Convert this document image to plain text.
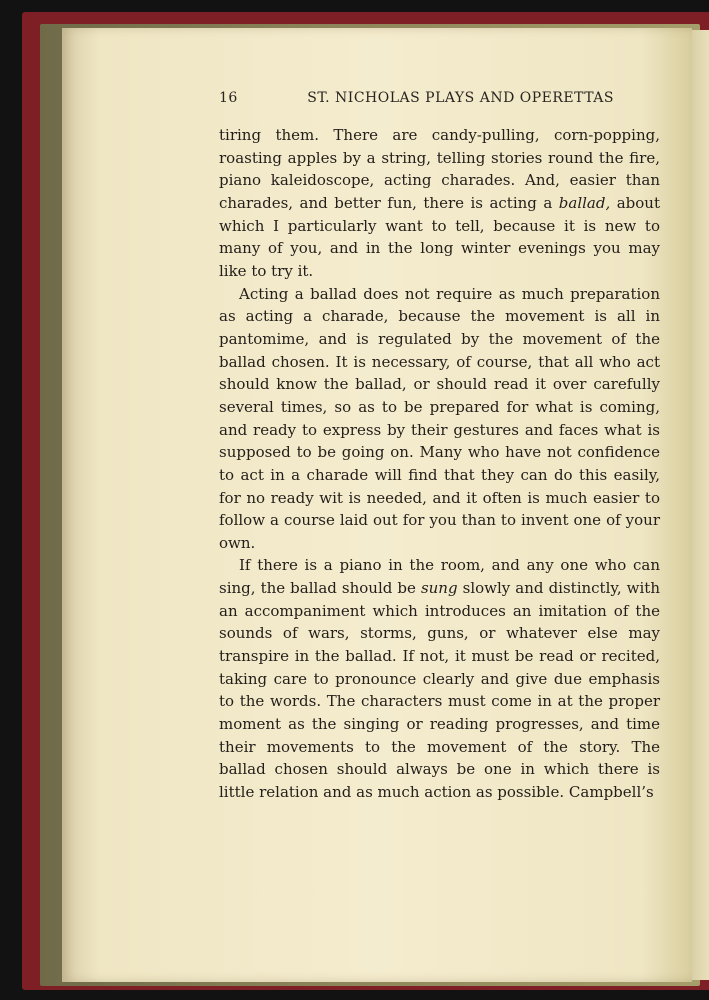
16	ST. NICHOLAS PLAYS AND OPERETTAS

tiring them. There are candy-pulling, corn-popping, roasting apples by a string, telling stories round the fire, piano kaleidoscope, acting charades. And, easier than charades, and better fun, there is acting a ballad, about which I particularly want to tell, because it is new to many of you, and in the long winter evenings you may like to try it.

Acting a ballad does not require as much preparation as acting a charade, because the movement is all in pantomime, and is regulated by the movement of the ballad chosen. It is necessary, of course, that all who act should know the ballad, or should read it over carefully several times, so as to be prepared for what is coming, and ready to express by their gestures and faces what is supposed to be going on. Many who have not confidence to act in a charade will find that they can do this easily, for no ready wit is needed, and it often is much easier to follow a course laid out for you than to invent one of your own.

If there is a piano in the room, and any one who can sing, the ballad should be sung slowly and distinctly, with an accompaniment which introduces an imitation of the sounds of wars, storms, guns, or whatever else may transpire in the ballad. If not, it must be read or recited, taking care to pronounce clearly and give due emphasis to the words. The characters must come in at the proper moment as the singing or reading progresses, and time their movements to the movement of the story. The ballad chosen should always be one in which there is little relation and as much action as possible. Campbell’s
